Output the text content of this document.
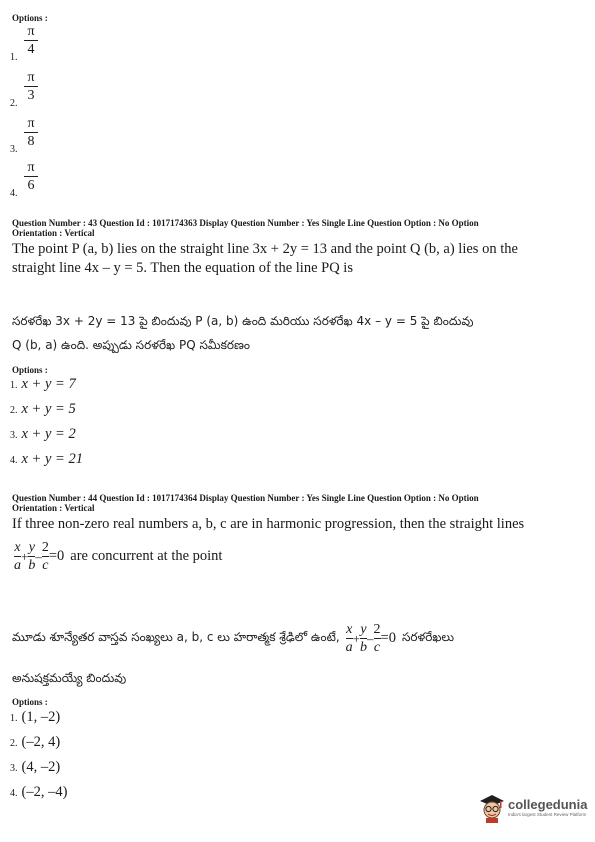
Options :
1.
π
4
2.
π
3
3.
π
8
4.
π
6
Question Number : 43 Question Id : 1017174363 Display Question Number : Yes Single Line Question Option : No Option
Orientation : Vertical
The point P (a, b) lies on the straight line 3x + 2y = 13 and the point Q (b, a) lies on the
straight line 4x – y = 5. Then the equation of the line PQ is
సరళరేఖ 3x + 2y = 13 పై బిందువు P (a, b) ఉంది మరియు సరళరేఖ 4x – y = 5 పై బిందువు
Q (b, a) ఉంది. అప్పుడు సరళరేఖ PQ సమీకరణం
Options :
1. x + y = 7
2. x + y = 5
3. x + y = 2
4. x + y = 21
Question Number : 44 Question Id : 1017174364 Display Question Number : Yes Single Line Question Option : No Option
Orientation : Vertical
If three non-zero real numbers a, b, c are in harmonic progression, then the straight lines
$\frac{x}{a} + \frac{y}{b} - \frac{2}{c} =0$ are concurrent at the point
మూడు శూన్యేతర వాస్తవ సంఖ్యలు a, b, c లు హరాత్మక శ్రేఢిలో ఉంటే, $\frac{x}{a} + \frac{y}{b} - \frac{2}{c} =0$ సరళరేఖలు
అనుషక్తమయ్యే బిందువు
Options :
1. (1, –2)
2. (–2, 4)
3. (4, –2)
4. (–2, –4)
collegedunia
India's largest Student Review Platform
